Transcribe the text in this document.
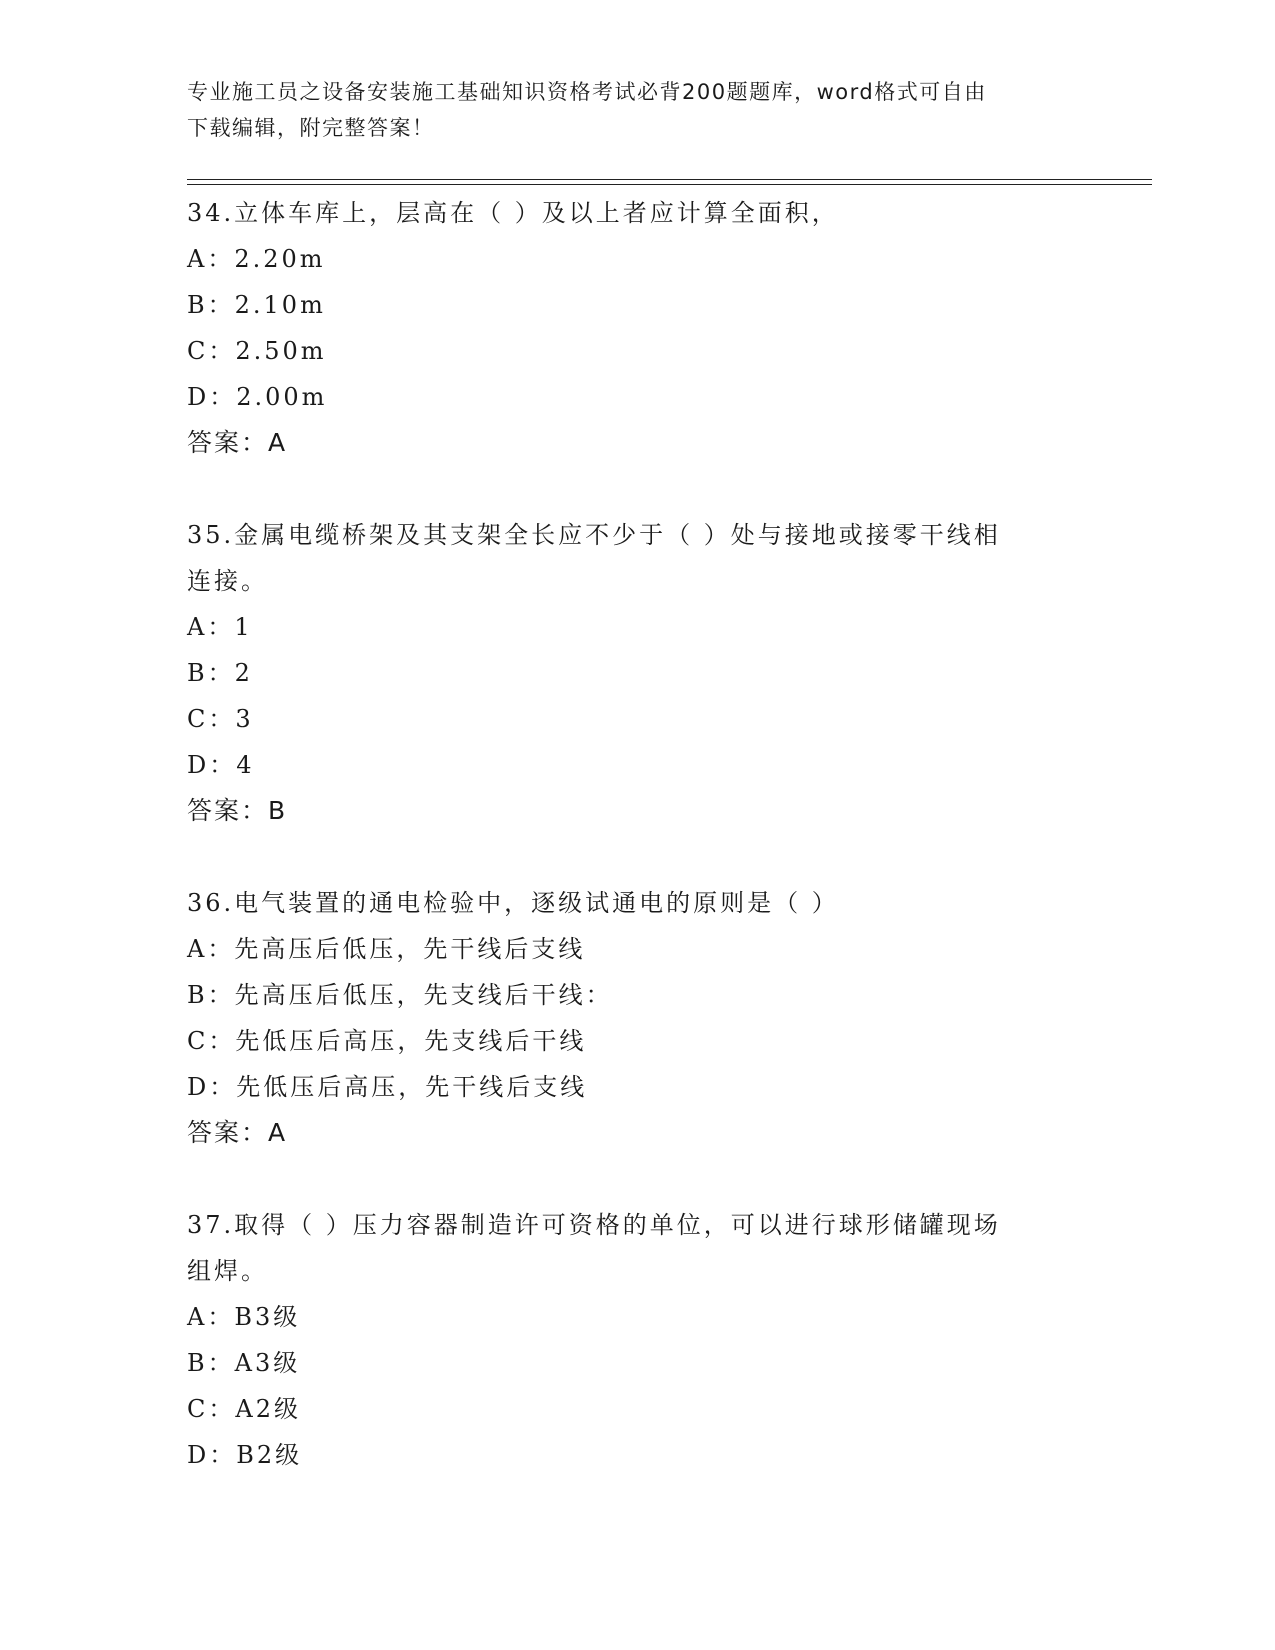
专业施工员之设备安装施工基础知识资格考试必背200题题库，word格式可自由

下载编辑，附完整答案！

34.立体车库上，层高在（ ）及以上者应计算全面积，
A：2.20m
B：2.10m
C：2.50m
D：2.00m
答案：A
35.金属电缆桥架及其支架全长应不少于（ ）处与接地或接零干线相
连接。
A：1
B：2
C：3
D：4
答案：B
36.电气装置的通电检验中，逐级试通电的原则是（ ）
A：先高压后低压，先干线后支线
B：先高压后低压，先支线后干线：
C：先低压后高压，先支线后干线
D：先低压后高压，先干线后支线
答案：A
37.取得（ ）压力容器制造许可资格的单位，可以进行球形储罐现场
组焊。
A：B3级
B：A3级
C：A2级
D：B2级
